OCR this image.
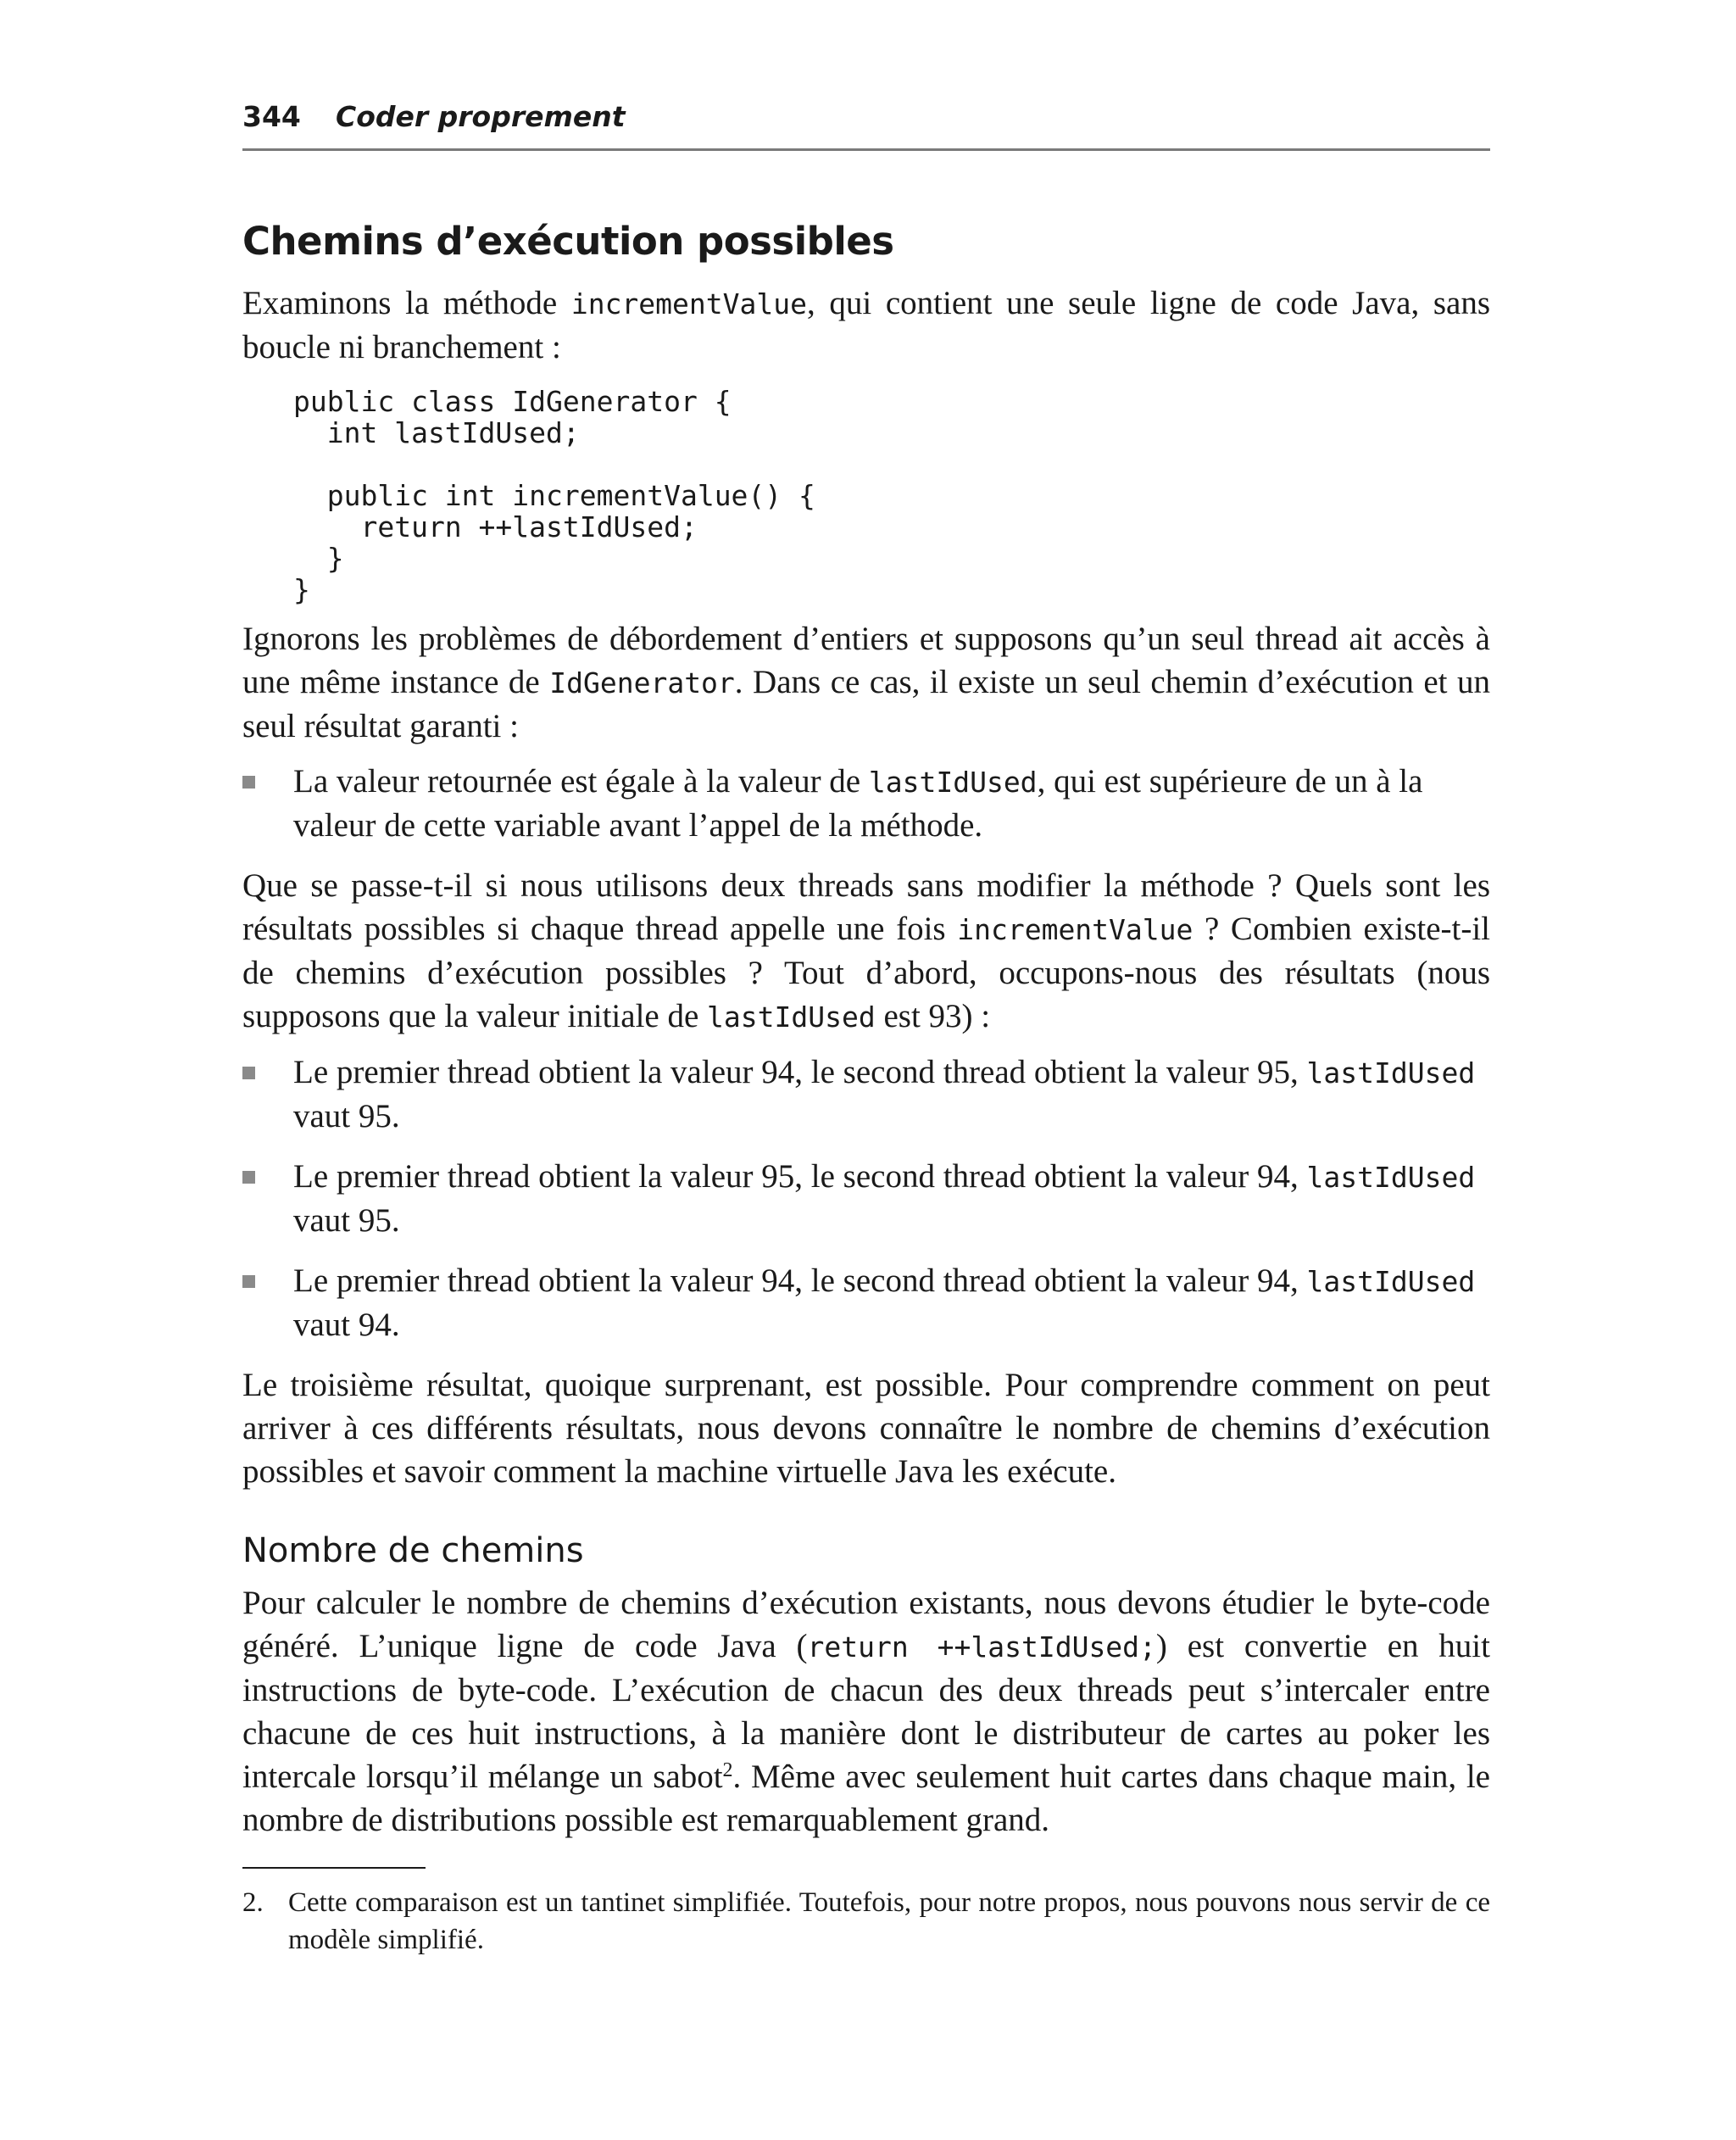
344 Coder proprement
Chemins d’exécution possibles

Examinons la méthode incrementValue, qui contient une seule ligne de code Java, sans boucle ni branchement :

public class IdGenerator {
int lastIdUsed;

public int incrementValue() {
return ++lastIdUsed;
}
}

Ignorons les problèmes de débordement d’entiers et supposons qu’un seul thread ait accès à une même instance de IdGenerator. Dans ce cas, il existe un seul chemin d’exécution et un seul résultat garanti :

La valeur retournée est égale à la valeur de lastIdUsed, qui est supérieure de un à la valeur de cette variable avant l’appel de la méthode.

Que se passe-t-il si nous utilisons deux threads sans modifier la méthode ? Quels sont les résultats possibles si chaque thread appelle une fois incrementValue ? Combien existe-t-il de chemins d’exécution possibles ? Tout d’abord, occupons-nous des résultats (nous supposons que la valeur initiale de lastIdUsed est 93) :

Le premier thread obtient la valeur 94, le second thread obtient la valeur 95, lastIdUsed vaut 95.
Le premier thread obtient la valeur 95, le second thread obtient la valeur 94, lastIdUsed vaut 95.
Le premier thread obtient la valeur 94, le second thread obtient la valeur 94, lastIdUsed vaut 94.

Le troisième résultat, quoique surprenant, est possible. Pour comprendre comment on peut arriver à ces différents résultats, nous devons connaître le nombre de chemins d’exécution possibles et savoir comment la machine virtuelle Java les exécute.

Nombre de chemins

Pour calculer le nombre de chemins d’exécution existants, nous devons étudier le byte-code généré. L’unique ligne de code Java (return ++lastIdUsed;) est convertie en huit instructions de byte-code. L’exécution de chacun des deux threads peut s’intercaler entre chacune de ces huit instructions, à la manière dont le distributeur de cartes au poker les intercale lorsqu’il mélange un sabot$^2$. Même avec seulement huit cartes dans chaque main, le nombre de distributions possible est remarquablement grand.

2. Cette comparaison est un tantinet simplifiée. Toutefois, pour notre propos, nous pouvons nous servir de ce modèle simplifié.
